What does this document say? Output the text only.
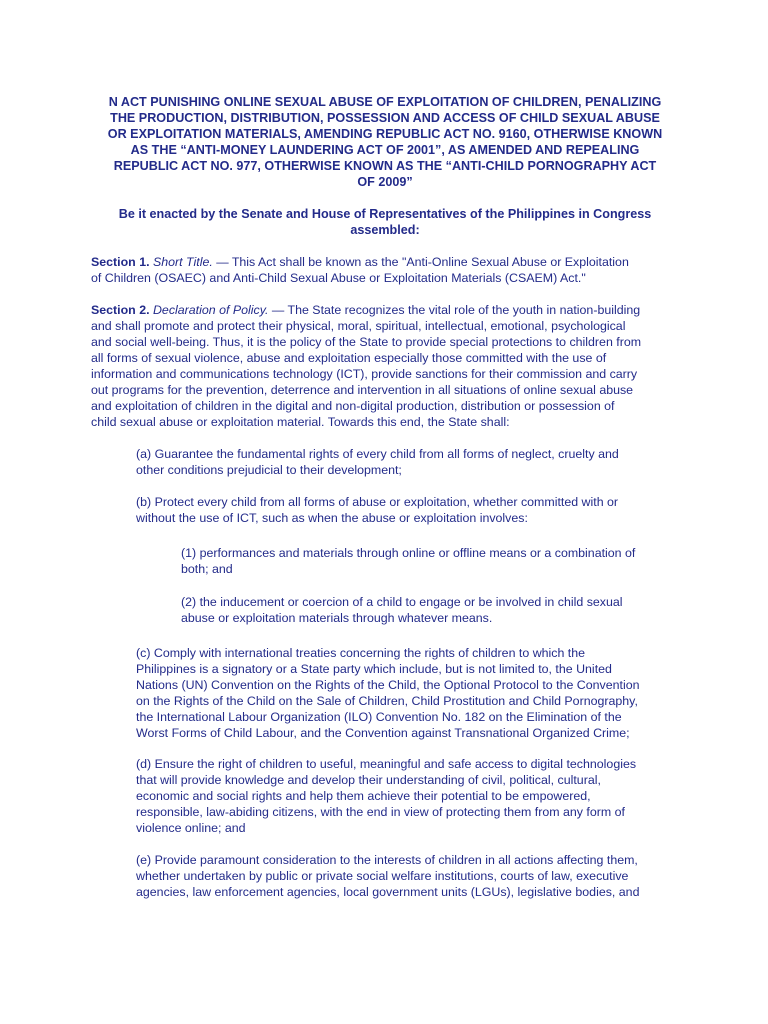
N ACT PUNISHING ONLINE SEXUAL ABUSE OF EXPLOITATION OF CHILDREN, PENALIZING
THE PRODUCTION, DISTRIBUTION, POSSESSION AND ACCESS OF CHILD SEXUAL ABUSE
OR EXPLOITATION MATERIALS, AMENDING REPUBLIC ACT NO. 9160, OTHERWISE KNOWN
AS THE “ANTI-MONEY LAUNDERING ACT OF 2001”, AS AMENDED AND REPEALING
REPUBLIC ACT NO. 977, OTHERWISE KNOWN AS THE “ANTI-CHILD PORNOGRAPHY ACT
OF 2009”
Be it enacted by the Senate and House of Representatives of the Philippines in Congress
assembled:
Section 1. Short Title. — This Act shall be known as the "Anti-Online Sexual Abuse or Exploitation
of Children (OSAEC) and Anti-Child Sexual Abuse or Exploitation Materials (CSAEM) Act."
Section 2. Declaration of Policy. — The State recognizes the vital role of the youth in nation-building
and shall promote and protect their physical, moral, spiritual, intellectual, emotional, psychological
and social well-being. Thus, it is the policy of the State to provide special protections to children from
all forms of sexual violence, abuse and exploitation especially those committed with the use of
information and communications technology (ICT), provide sanctions for their commission and carry
out programs for the prevention, deterrence and intervention in all situations of online sexual abuse
and exploitation of children in the digital and non-digital production, distribution or possession of
child sexual abuse or exploitation material. Towards this end, the State shall:
(a) Guarantee the fundamental rights of every child from all forms of neglect, cruelty and
other conditions prejudicial to their development;
(b) Protect every child from all forms of abuse or exploitation, whether committed with or
without the use of ICT, such as when the abuse or exploitation involves:
(1) performances and materials through online or offline means or a combination of
both; and
(2) the inducement or coercion of a child to engage or be involved in child sexual
abuse or exploitation materials through whatever means.
(c) Comply with international treaties concerning the rights of children to which the
Philippines is a signatory or a State party which include, but is not limited to, the United
Nations (UN) Convention on the Rights of the Child, the Optional Protocol to the Convention
on the Rights of the Child on the Sale of Children, Child Prostitution and Child Pornography,
the International Labour Organization (ILO) Convention No. 182 on the Elimination of the
Worst Forms of Child Labour, and the Convention against Transnational Organized Crime;
(d) Ensure the right of children to useful, meaningful and safe access to digital technologies
that will provide knowledge and develop their understanding of civil, political, cultural,
economic and social rights and help them achieve their potential to be empowered,
responsible, law-abiding citizens, with the end in view of protecting them from any form of
violence online; and
(e) Provide paramount consideration to the interests of children in all actions affecting them,
whether undertaken by public or private social welfare institutions, courts of law, executive
agencies, law enforcement agencies, local government units (LGUs), legislative bodies, and
